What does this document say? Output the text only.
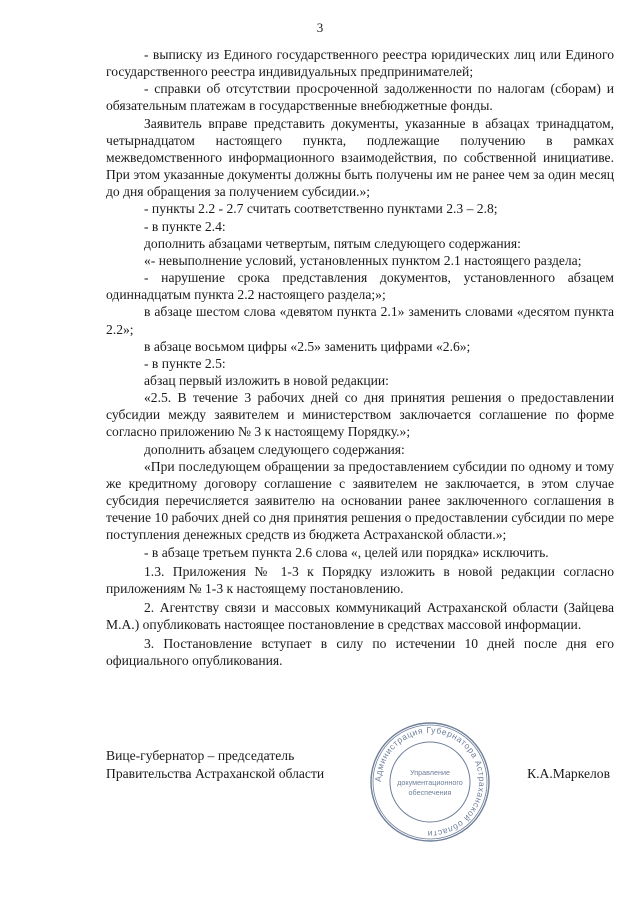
3

- выписку из Единого государственного реестра юридических лиц или Единого государственного реестра индивидуальных предпринимателей;

- справки об отсутствии просроченной задолженности по налогам (сборам) и обязательным платежам в государственные внебюджетные фонды.

Заявитель вправе представить документы, указанные в абзацах тринадцатом, четырнадцатом настоящего пункта, подлежащие получению в рамках межведомственного информационного взаимодействия, по собственной инициативе. При этом указанные документы должны быть получены им не ранее чем за один месяц до дня обращения за получением субсидии.»;

- пункты 2.2 - 2.7 считать соответственно пунктами 2.3 – 2.8;

- в пункте 2.4:

дополнить абзацами четвертым, пятым следующего содержания:

«- невыполнение условий, установленных пунктом 2.1 настоящего раздела;

- нарушение срока представления документов, установленного абзацем одиннадцатым пункта 2.2 настоящего раздела;»;

в абзаце шестом слова «девятом пункта 2.1» заменить словами «десятом пункта 2.2»;

в абзаце восьмом цифры «2.5» заменить цифрами «2.6»;

- в пункте 2.5:

абзац первый изложить в новой редакции:

«2.5. В течение 3 рабочих дней со дня принятия решения о предоставлении субсидии между заявителем и министерством заключается соглашение по форме согласно приложению № 3 к настоящему Порядку.»;

дополнить абзацем следующего содержания:

«При последующем обращении за предоставлением субсидии по одному и тому же кредитному договору соглашение с заявителем не заключается, в этом случае субсидия перечисляется заявителю на основании ранее заключенного соглашения в течение 10 рабочих дней со дня принятия решения о предоставлении субсидии по мере поступления денежных средств из бюджета Астраханской области.»;

- в абзаце третьем пункта 2.6 слова «, целей или порядка» исключить.

1.3. Приложения № 1-3 к Порядку изложить в новой редакции согласно приложениям № 1-3 к настоящему постановлению.

2. Агентству связи и массовых коммуникаций Астраханской области (Зайцева М.А.) опубликовать настоящее постановление в средствах массовой информации.

3. Постановление вступает в силу по истечении 10 дней после дня его официального опубликования.

Вице-губернатор – председатель
Правительства Астраханской области	Администрация Губернатора Астраханской области
Управление
документационного
обеспечения
К.А.Маркелов
